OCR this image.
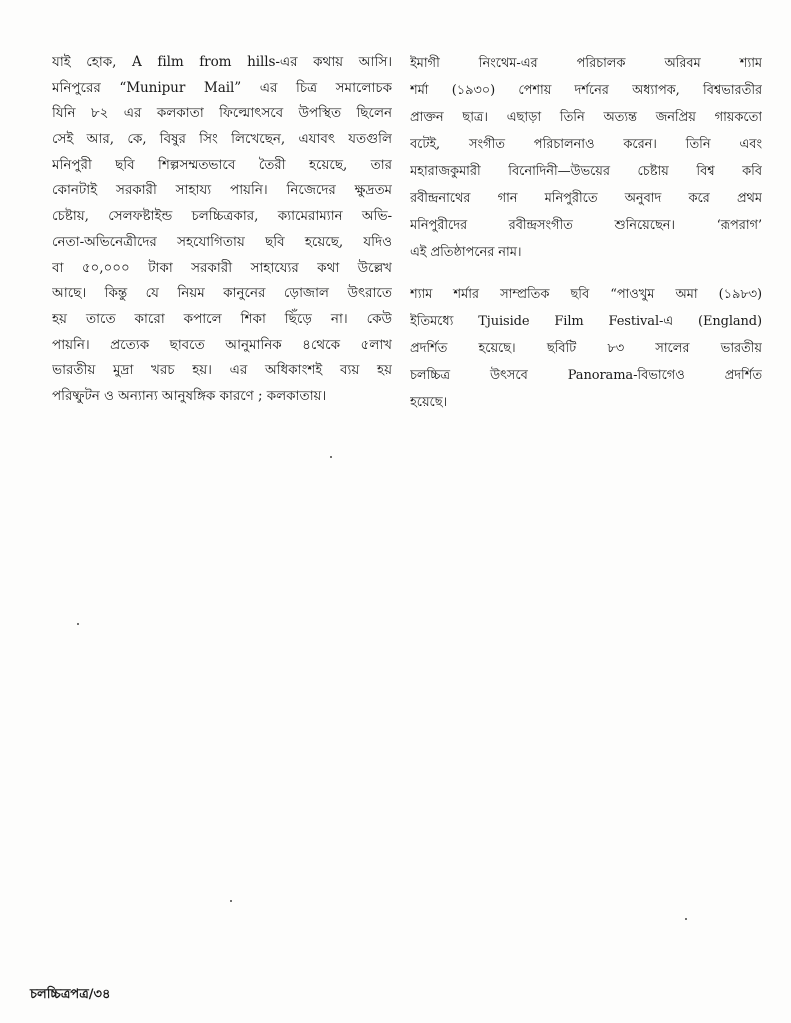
যাই হোক, A film from hills-এর কথায় আসি।
মনিপুরের “Munipur Mail” এর চিত্র সমালোচক
যিনি ৮২ এর কলকাতা ফিল্মোৎসবে উপস্থিত ছিলেন
সেই আর, কে, বিষুর সিং লিখেছেন, এযাবৎ যতগুলি
মনিপুরী ছবি শিল্পসম্মতভাবে তৈরী হয়েছে, তার
কোনটাই সরকারী সাহায্য পায়নি। নিজেদের ক্ষুদ্রতম
চেষ্টায়, সেলফষ্টাইন্ড চলচ্চিত্রকার, ক্যামেরাম্যান অভি-
নেতা-অভিনেত্রীদের সহযোগিতায় ছবি হয়েছে, যদিও
বা ৫০,০০০ টাকা সরকারী সাহায্যের কথা উল্লেখ
আছে। কিন্তু যে নিয়ম কানুনের ড়োজাল উৎরাতে
হয় তাতে কারো কপালে শিকা ছিঁড়ে না। কেউ
পায়নি। প্রত্যেক ছাবতে আনুমানিক ৪থেকে ৫লাখ
ভারতীয় মুদ্রা খরচ হয়। এর অধিকাংশই ব্যয় হয়
পরিষ্ফুটন ও অন্যান্য আনুষঙ্গিক কারণে ; কলকাতায়।
ইমাগী নিংথেম-এর পরিচালক অরিবম শ্যাম
শর্মা (১৯৩০) পেশায় দর্শনের অধ্যাপক, বিশ্বভারতীর
প্রাক্তন ছাত্র। এছাড়া তিনি অত্যন্ত জনপ্রিয় গায়কতো
বটেই, সংগীত পরিচালনাও করেন। তিনি এবং
মহারাজকুমারী বিনোদিনী—উভয়ের চেষ্টায় বিশ্ব কবি
রবীন্দ্রনাথের গান মনিপুরীতে অনুবাদ করে প্রথম
মনিপুরীদের রবীন্দ্রসংগীত শুনিয়েছেন। ‘রূপরাগ’
এই প্রতিষ্ঠাপনের নাম।
শ্যাম শর্মার সাম্প্রতিক ছবি “পাওখুম অমা (১৯৮৩)
ইতিমধ্যে Tjuiside Film Festival-এ (England)
প্রদর্শিত হয়েছে। ছবিটি ৮৩ সালের ভারতীয়
চলচ্চিত্র উৎসবে Panorama-বিভাগেও প্রদর্শিত
হয়েছে।
চলচ্চিত্রপত্র/৩৪
